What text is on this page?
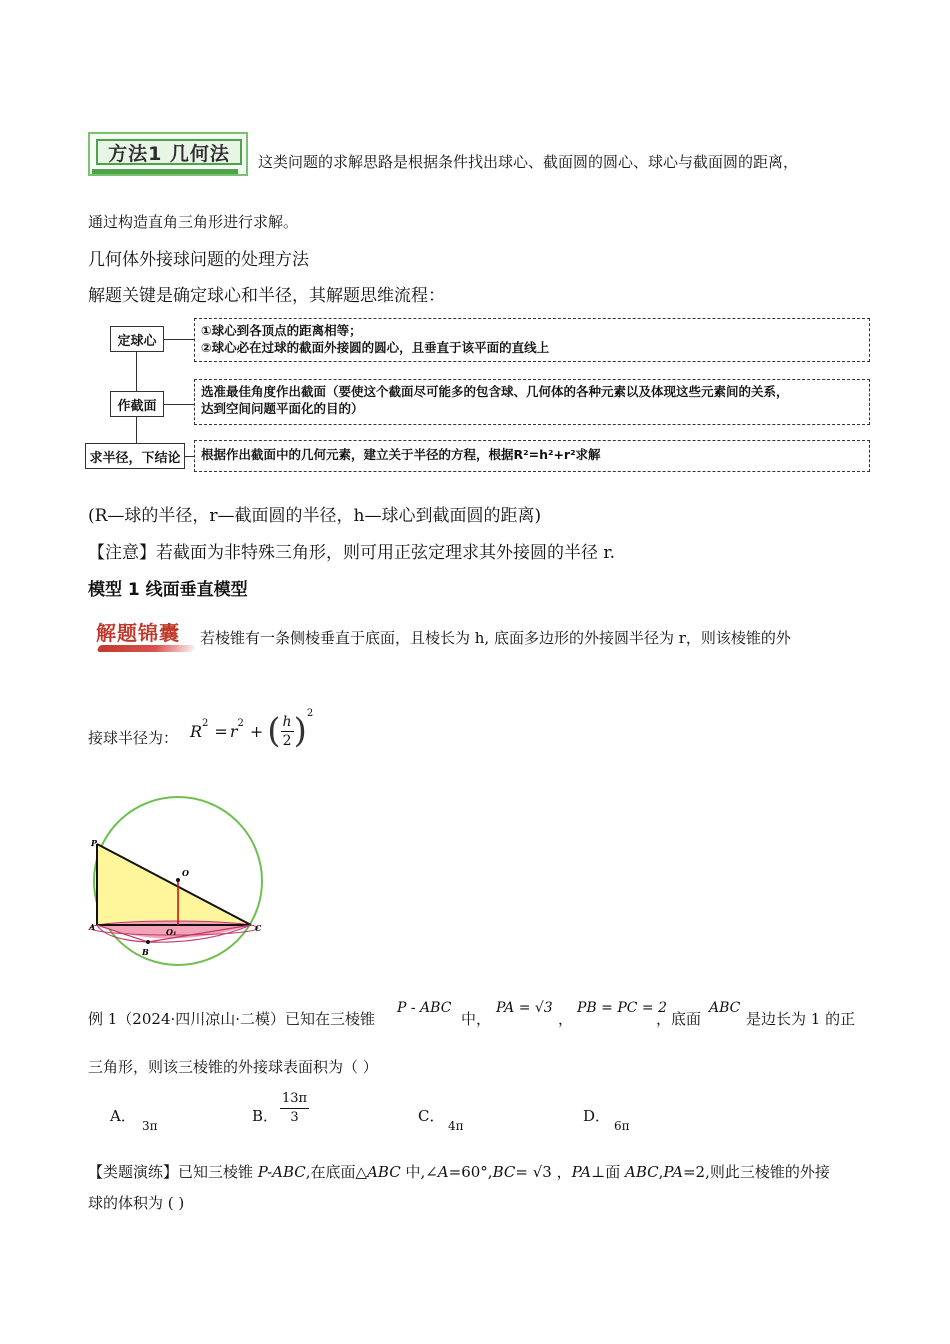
方法1 几何法	这类问题的求解思路是根据条件找出球心、截面圆的圆心、球心与截面圆的距离，
通过构造直角三角形进行求解。
几何体外接球问题的处理方法
解题关键是确定球心和半径，其解题思维流程：
定球心
作截面
求半径，下结论
①球心到各顶点的距离相等；
②球心必在过球的截面外接圆的圆心，且垂直于该平面的直线上
选准最佳角度作出截面（要使这个截面尽可能多的包含球、几何体的各种元素以及体现这些元素间的关系，
达到空间问题平面化的目的）
根据作出截面中的几何元素，建立关于半径的方程，根据R²=h²+r²求解
(R—球的半径，r—截面圆的半径，h—球心到截面圆的距离)
【注意】若截面为非特殊三角形，则可用正弦定理求其外接圆的半径 r.
模型 1 线面垂直模型
解题锦囊 若棱锥有一条侧棱垂直于底面，且棱长为 h, 底面多边形的外接圆半径为 r，则该棱锥的外
接球半径为： $R^2 = r^2$ + ( $\frac{h}{2} )^2$
P
O
A	O₁
B
C
例 1（2024·四川凉山·二模）已知在三棱锥
P - ABC
中，
PA = √3
，
PB = PC = 2
，底面
ABC
是边长为 1 的正
三角形，则该三棱锥的外接球表面积为（ ）
A．
3π
B． $\frac{13\pi}{3}$	C．
4π
D．
6π
【类题演练】已知三棱锥 P-ABC,在底面△ABC 中,∠A=60°,BC= √3 ，PA⊥面 ABC,PA=2,则此三棱锥的外接
球的体积为 ( )
